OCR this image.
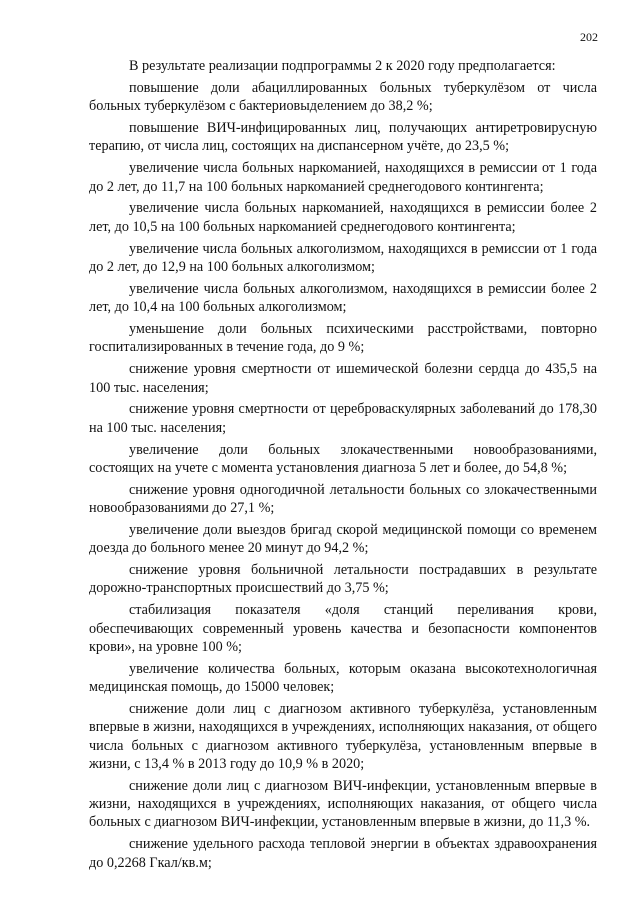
202

В результате реализации подпрограммы 2 к 2020 году предполагается:

повышение доли абациллированных больных туберкулёзом от числа больных туберкулёзом с бактериовыделением до 38,2 %;

повышение ВИЧ-инфицированных лиц, получающих антиретровирусную терапию, от числа лиц, состоящих на диспансерном учёте, до 23,5 %;

увеличение числа больных наркоманией, находящихся в ремиссии от 1 года до 2 лет, до 11,7 на 100 больных наркоманией среднегодового контингента;

увеличение числа больных наркоманией, находящихся в ремиссии более 2 лет, до 10,5 на 100 больных наркоманией среднегодового контингента;

увеличение числа больных алкоголизмом, находящихся в ремиссии от 1 года до 2 лет, до 12,9 на 100 больных алкоголизмом;

увеличение числа больных алкоголизмом, находящихся в ремиссии более 2 лет, до 10,4 на 100 больных алкоголизмом;

уменьшение доли больных психическими расстройствами, повторно госпитализированных в течение года, до 9 %;

снижение уровня смертности от ишемической болезни сердца до 435,5 на 100 тыс. населения;

снижение уровня смертности от цереброваскулярных заболеваний до 178,30 на 100 тыс. населения;

увеличение доли больных злокачественными новообразованиями, состоящих на учете с момента установления диагноза 5 лет и более, до 54,8 %;

снижение уровня одногодичной летальности больных со злокачественными новообразованиями до 27,1 %;

увеличение доли выездов бригад скорой медицинской помощи со временем доезда до больного менее 20 минут до 94,2 %;

снижение уровня больничной летальности пострадавших в результате дорожно-транспортных происшествий до 3,75 %;

стабилизация показателя «доля станций переливания крови, обеспечивающих современный уровень качества и безопасности компонентов крови», на уровне 100 %;

увеличение количества больных, которым оказана высокотехнологичная медицинская помощь, до 15000 человек;

снижение доли лиц с диагнозом активного туберкулёза, установленным впервые в жизни, находящихся в учреждениях, исполняющих наказания, от общего числа больных с диагнозом активного туберкулёза, установленным впервые в жизни, с 13,4 % в 2013 году до 10,9 % в 2020;

снижение доли лиц с диагнозом ВИЧ-инфекции, установленным впервые в жизни, находящихся в учреждениях, исполняющих наказания, от общего числа больных с диагнозом ВИЧ-инфекции, установленным впервые в жизни, до 11,3 %.

снижение удельного расхода тепловой энергии в объектах здравоохранения до 0,2268 Гкал/кв.м;
